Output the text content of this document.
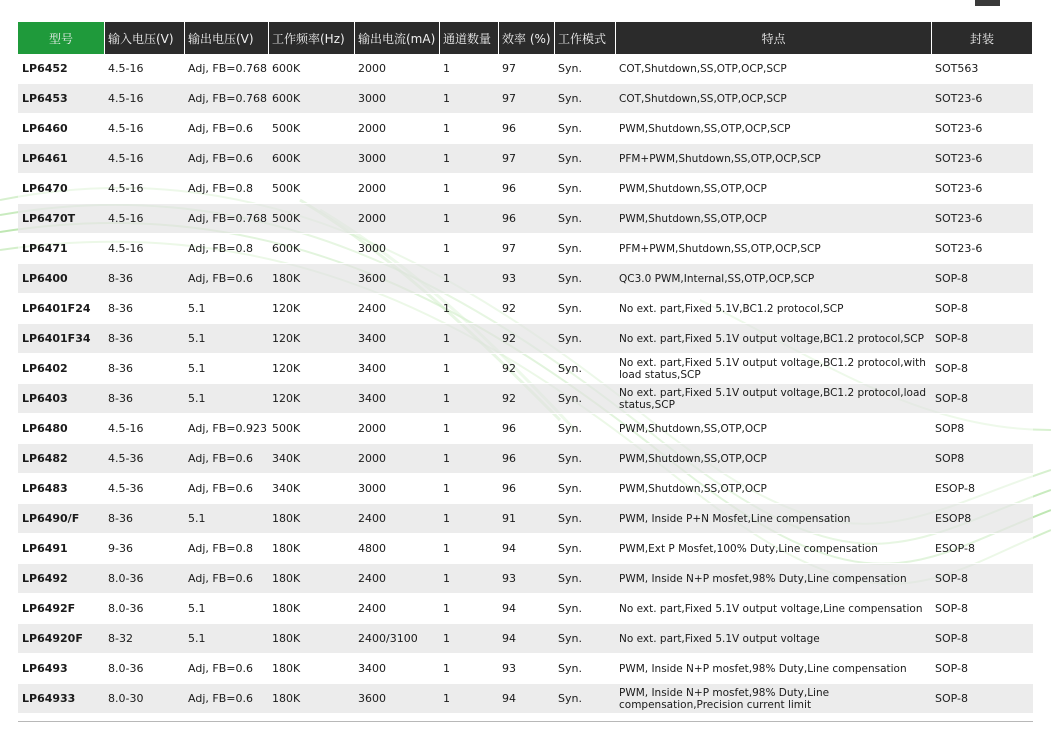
型号	输入电压(V)	输出电压(V)	工作频率(Hz)	输出电流(mA)	通道数量	效率 (%)	工作模式	特点	封装
LP6452	4.5-16	Adj, FB=0.768	600K	2000	1	97	Syn.	COT,Shutdown,SS,OTP,OCP,SCP	SOT563
LP6453	4.5-16	Adj, FB=0.768	600K	3000	1	97	Syn.	COT,Shutdown,SS,OTP,OCP,SCP	SOT23-6
LP6460	4.5-16	Adj, FB=0.6	500K	2000	1	96	Syn.	PWM,Shutdown,SS,OTP,OCP,SCP	SOT23-6
LP6461	4.5-16	Adj, FB=0.6	600K	3000	1	97	Syn.	PFM+PWM,Shutdown,SS,OTP,OCP,SCP	SOT23-6
LP6470	4.5-16	Adj, FB=0.8	500K	2000	1	96	Syn.	PWM,Shutdown,SS,OTP,OCP	SOT23-6
LP6470T	4.5-16	Adj, FB=0.768	500K	2000	1	96	Syn.	PWM,Shutdown,SS,OTP,OCP	SOT23-6
LP6471	4.5-16	Adj, FB=0.8	600K	3000	1	97	Syn.	PFM+PWM,Shutdown,SS,OTP,OCP,SCP	SOT23-6
LP6400	8-36	Adj, FB=0.6	180K	3600	1	93	Syn.	QC3.0 PWM,Internal,SS,OTP,OCP,SCP	SOP-8
LP6401F24	8-36	5.1	120K	2400	1	92	Syn.	No ext. part,Fixed 5.1V,BC1.2 protocol,SCP	SOP-8
LP6401F34	8-36	5.1	120K	3400	1	92	Syn.	No ext. part,Fixed 5.1V output voltage,BC1.2 protocol,SCP	SOP-8
LP6402	8-36	5.1	120K	3400	1	92	Syn.	No ext. part,Fixed 5.1V output voltage,BC1.2 protocol,with load status,SCP	SOP-8
LP6403	8-36	5.1	120K	3400	1	92	Syn.	No ext. part,Fixed 5.1V output voltage,BC1.2 protocol,load status,SCP	SOP-8
LP6480	4.5-16	Adj, FB=0.923	500K	2000	1	96	Syn.	PWM,Shutdown,SS,OTP,OCP	SOP8
LP6482	4.5-36	Adj, FB=0.6	340K	2000	1	96	Syn.	PWM,Shutdown,SS,OTP,OCP	SOP8
LP6483	4.5-36	Adj, FB=0.6	340K	3000	1	96	Syn.	PWM,Shutdown,SS,OTP,OCP	ESOP-8
LP6490/F	8-36	5.1	180K	2400	1	91	Syn.	PWM, Inside P+N Mosfet,Line compensation	ESOP8
LP6491	9-36	Adj, FB=0.8	180K	4800	1	94	Syn.	PWM,Ext P Mosfet,100% Duty,Line compensation	ESOP-8
LP6492	8.0-36	Adj, FB=0.6	180K	2400	1	93	Syn.	PWM, Inside N+P mosfet,98% Duty,Line compensation	SOP-8
LP6492F	8.0-36	5.1	180K	2400	1	94	Syn.	No ext. part,Fixed 5.1V output voltage,Line compensation	SOP-8
LP64920F	8-32	5.1	180K	2400/3100	1	94	Syn.	No ext. part,Fixed 5.1V output voltage	SOP-8
LP6493	8.0-36	Adj, FB=0.6	180K	3400	1	93	Syn.	PWM, Inside N+P mosfet,98% Duty,Line compensation	SOP-8
LP64933	8.0-30	Adj, FB=0.6	180K	3600	1	94	Syn.	PWM, Inside N+P mosfet,98% Duty,Line compensation,Precision current limit	SOP-8
